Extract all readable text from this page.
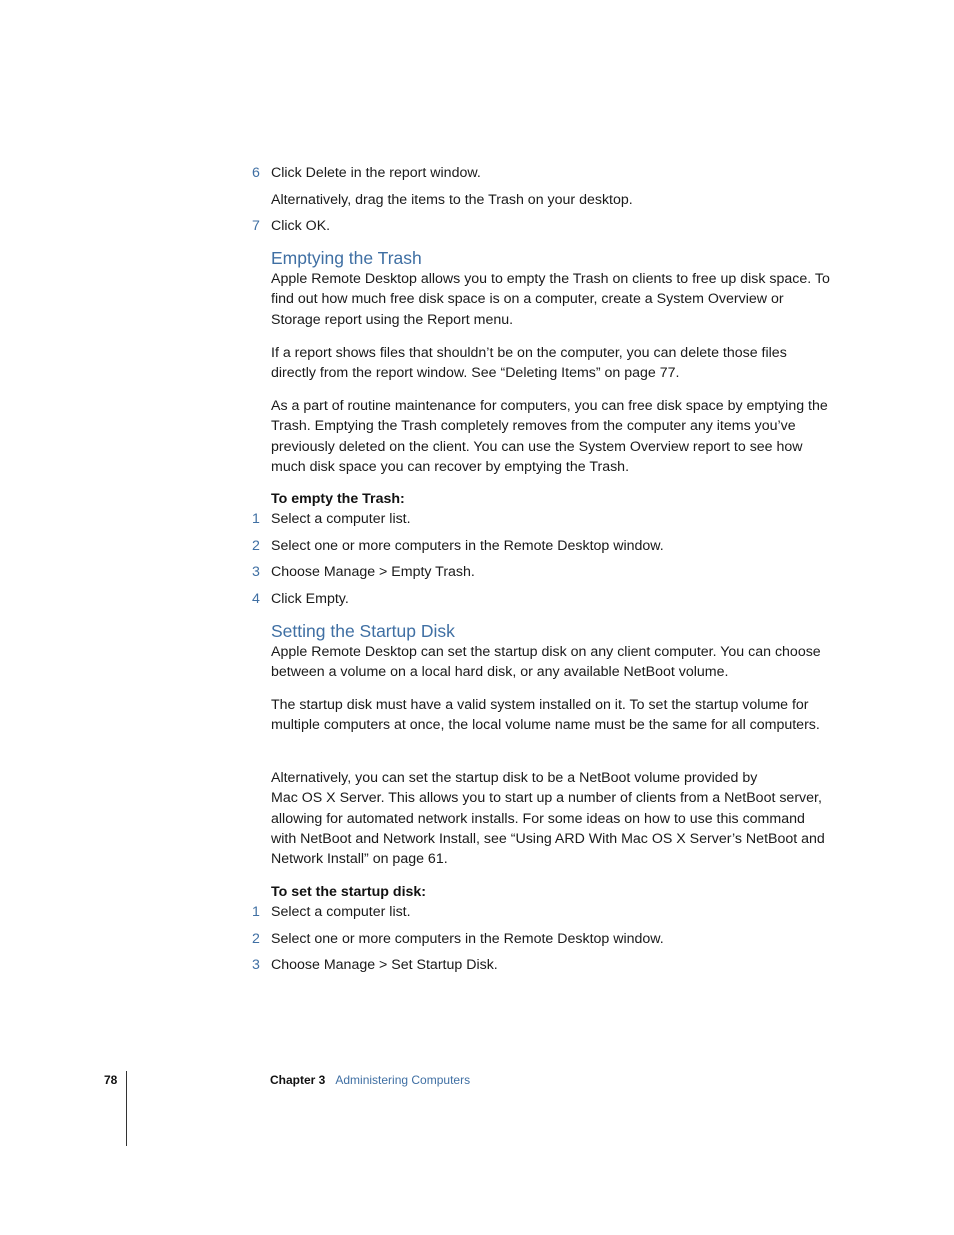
6 Click Delete in the report window.
Alternatively, drag the items to the Trash on your desktop.
7 Click OK.
Emptying the Trash
Apple Remote Desktop allows you to empty the Trash on clients to free up disk space. To find out how much free disk space is on a computer, create a System Overview or Storage report using the Report menu.
If a report shows files that shouldn’t be on the computer, you can delete those files directly from the report window. See “Deleting Items” on page 77.
As a part of routine maintenance for computers, you can free disk space by emptying the Trash. Emptying the Trash completely removes from the computer any items you’ve previously deleted on the client. You can use the System Overview report to see how much disk space you can recover by emptying the Trash.
To empty the Trash:
1 Select a computer list.
2 Select one or more computers in the Remote Desktop window.
3 Choose Manage > Empty Trash.
4 Click Empty.
Setting the Startup Disk
Apple Remote Desktop can set the startup disk on any client computer. You can choose between a volume on a local hard disk, or any available NetBoot volume.
The startup disk must have a valid system installed on it. To set the startup volume for multiple computers at once, the local volume name must be the same for all computers.
Alternatively, you can set the startup disk to be a NetBoot volume provided by
Mac OS X Server. This allows you to start up a number of clients from a NetBoot server, allowing for automated network installs. For some ideas on how to use this command with NetBoot and Network Install, see “Using ARD With Mac OS X Server’s NetBoot and Network Install” on page 61.
To set the startup disk:
1 Select a computer list.
2 Select one or more computers in the Remote Desktop window.
3 Choose Manage > Set Startup Disk.
78	Chapter 3 Administering Computers
